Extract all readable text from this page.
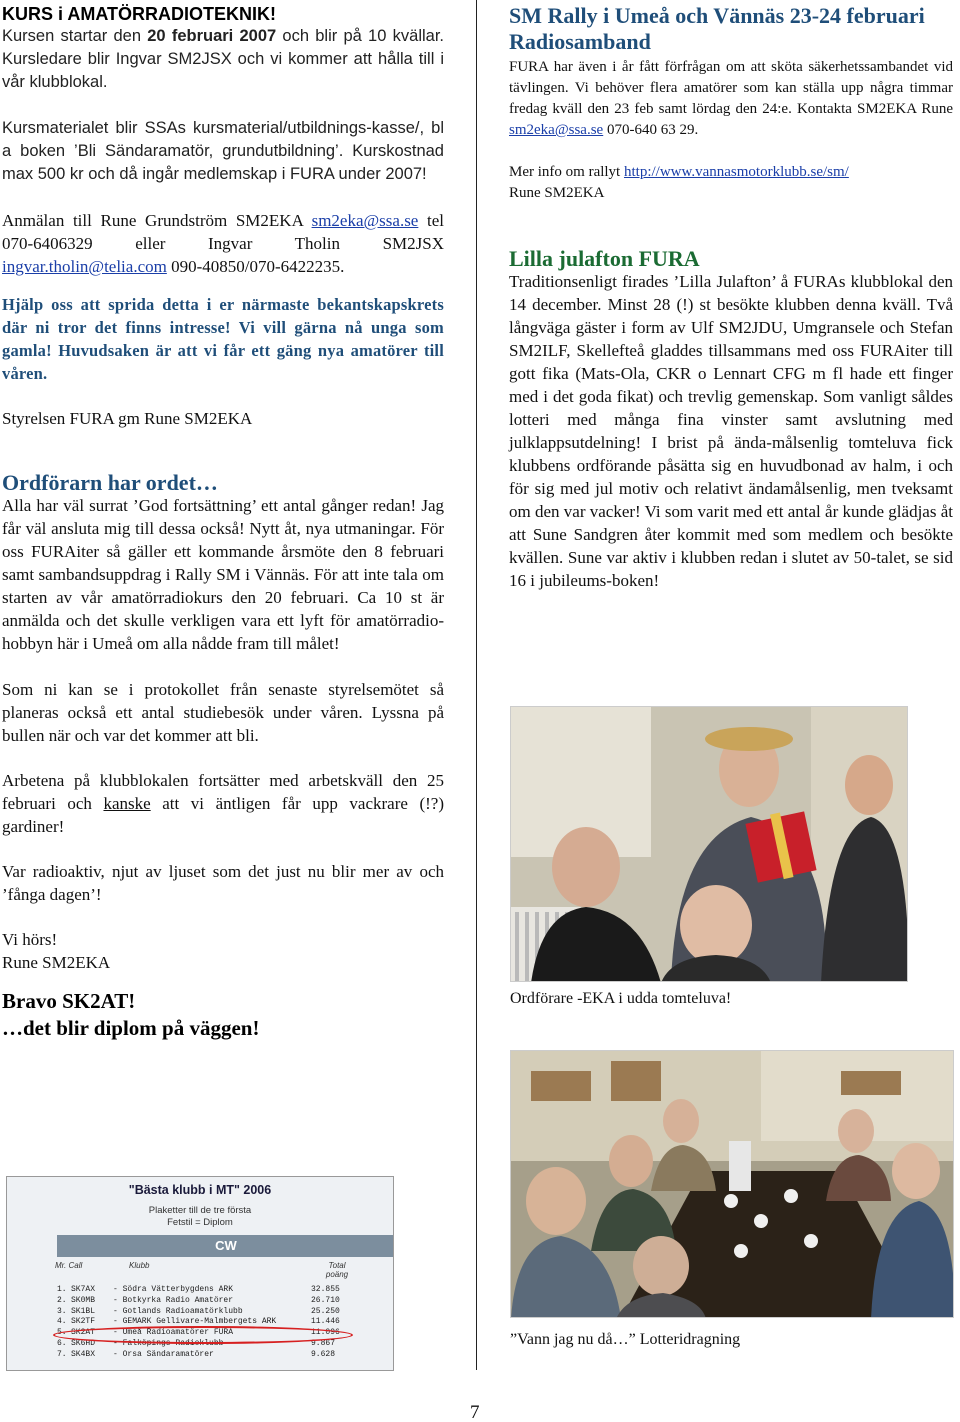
KURS i AMATÖRRADIOTEKNIK!

Kursen startar den 20 februari 2007 och blir på 10 kvällar. Kursledare blir Ingvar SM2JSX och vi kommer att hålla till i vår klubblokal.

Kursmaterialet blir SSAs kursmaterial/utbildnings-kasse/, bl a boken ’Bli Sändaramatör, grundutbildning’. Kurskostnad max 500 kr och då ingår medlemskap i FURA under 2007!

Anmälan till Rune Grundström SM2EKA sm2eka@ssa.se tel 070-6406329 eller Ingvar Tholin SM2JSX ingvar.tholin@telia.com 090-40850/070-6422235.

Hjälp oss att sprida detta i er närmaste bekantskapskrets där ni tror det finns intresse! Vi vill gärna nå unga som gamla! Huvudsaken är att vi får ett gäng nya amatörer till våren.

Styrelsen FURA gm Rune SM2EKA

Ordförarn har ordet…

Alla har väl surrat ’God fortsättning’ ett antal gånger redan! Jag får väl ansluta mig till dessa också! Nytt åt, nya utmaningar. För oss FURAiter så gäller ett kommande årsmöte den 8 februari samt sambandsuppdrag i Rally SM i Vännäs. För att inte tala om starten av vår amatörradiokurs den 20 februari. Ca 10 st är anmälda och det skulle verkligen vara ett lyft för amatörradio-hobbyn här i Umeå om alla nådde fram till målet!

Som ni kan se i protokollet från senaste styrelsemötet så planeras också ett antal studiebesök under våren. Lyssna på bullen när och var det kommer att bli.

Arbetena på klubblokalen fortsätter med arbetskväll den 25 februari och kanske att vi äntligen får upp vackrare (!?) gardiner!

Var radioaktiv, njut av ljuset som det just nu blir mer av och ’fånga dagen’!

Vi hörs!

Rune SM2EKA

Bravo SK2AT!
…det blir diplom på väggen!
"Bästa klubb i MT" 2006
Plaketter till de tre första
Fetstil = Diplom
CW
Mr. Call	Klubb	Total poäng
1. SK7AX - Södra Vätterbygdens ARK	32.855
2. SK0MB - Botkyrka Radio Amatörer	26.710
3. SK1BL - Gotlands Radioamatörklubb	25.250
4. SK2TF - GEMARK Gellivare-Malmbergets ARK	11.446
5. SK2AT - Umeå Radioamatörer FURA	11.096
6. SK6HD - Falköpings Radioklubb	9.867
7. SK4BX - Orsa Sändaramatörer	9.628
SM Rally i Umeå och Vännäs 23-24 februari Radiosamband

FURA har även i år fått förfrågan om att sköta säkerhetssambandet vid tävlingen. Vi behöver flera amatörer som kan ställa upp några timmar fredag kväll den 23 feb samt lördag den 24:e. Kontakta SM2EKA Rune sm2eka@ssa.se 070-640 63 29.

Mer info om rallyt http://www.vannasmotorklubb.se/sm/

Rune SM2EKA

Lilla julafton FURA

Traditionsenligt firades ’Lilla Julafton’ å FURAs klubblokal den 14 december. Minst 28 (!) st besökte klubben denna kväll. Två långväga gäster i form av Ulf SM2JDU, Umgransele och Stefan SM2ILF, Skellefteå gladdes tillsammans med oss FURAiter till gott fika (Mats-Ola, CKR o Lennart CFG m fl hade ett finger med i det goda fikat) och trevlig gemenskap. Som vanligt såldes lotteri med många fina vinster samt avslutning med julklappsutdelning! I brist på ända-målsenlig tomteluva fick klubbens ordförande påsätta sig en huvudbonad av halm, i och för sig med jul motiv och relativt ändamålsenlig, men tveksamt om den var vacker! Vi som varit med ett antal år kunde glädjas åt att Sune Sandgren åter kommit med som medlem och besökte kvällen. Sune var aktiv i klubben redan i slutet av 50-talet, se sid 16 i jubileums-boken!

Ordförare -EKA i udda tomteluva!
”Vann jag nu då…” Lotteridragning
7
